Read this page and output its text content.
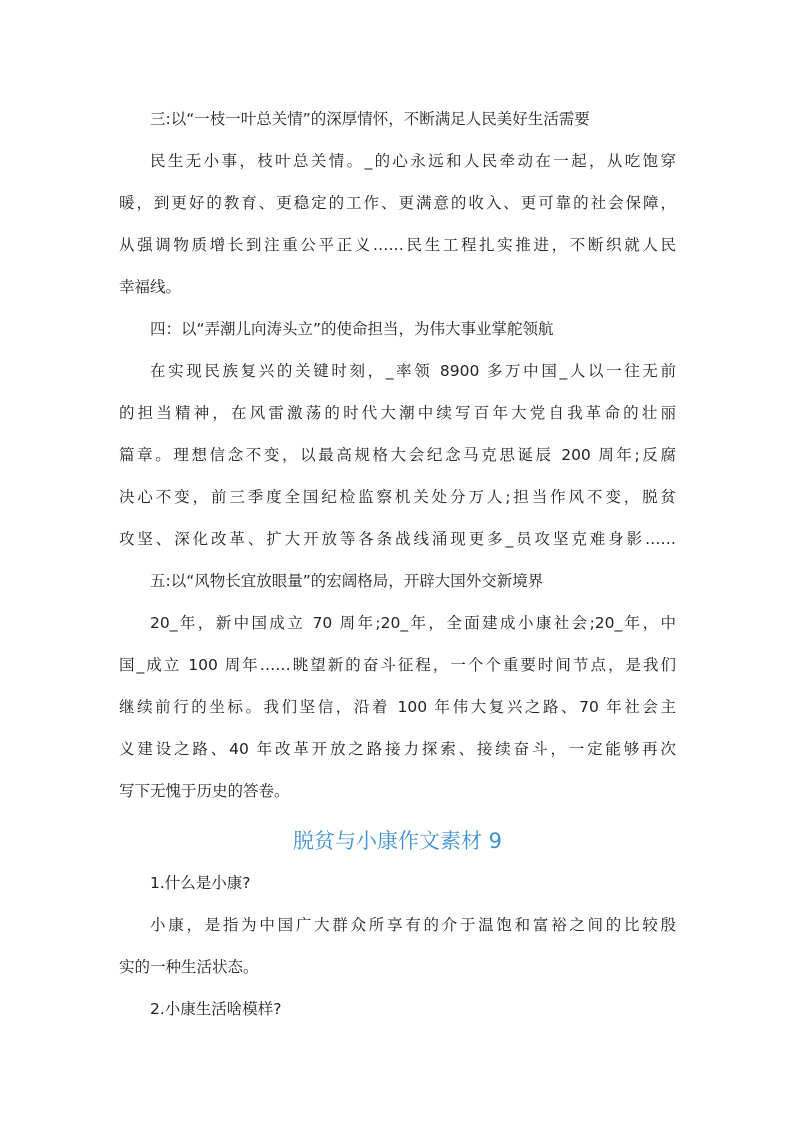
三:以“一枝一叶总关情”的深厚情怀，不断满足人民美好生活需要
民生无小事，枝叶总关情。_的心永远和人民牵动在一起，从吃饱穿
暖，到更好的教育、更稳定的工作、更满意的收入、更可靠的社会保障，
从强调物质增长到注重公平正义……民生工程扎实推进，不断织就人民
幸福线。
四：以“弄潮儿向涛头立”的使命担当，为伟大事业掌舵领航
在实现民族复兴的关键时刻，_率领 8900 多万中国_人以一往无前
的担当精神，在风雷激荡的时代大潮中续写百年大党自我革命的壮丽
篇章。理想信念不变，以最高规格大会纪念马克思诞辰 200 周年;反腐
决心不变，前三季度全国纪检监察机关处分万人;担当作风不变，脱贫
攻坚、深化改革、扩大开放等各条战线涌现更多_员攻坚克难身影……
五:以“风物长宜放眼量”的宏阔格局，开辟大国外交新境界
20_年，新中国成立 70 周年;20_年，全面建成小康社会;20_年，中
国_成立 100 周年……眺望新的奋斗征程，一个个重要时间节点，是我们
继续前行的坐标。我们坚信，沿着 100 年伟大复兴之路、70 年社会主
义建设之路、40 年改革开放之路接力探索、接续奋斗，一定能够再次
写下无愧于历史的答卷。
脱贫与小康作文素材 9
1.什么是小康?
小康，是指为中国广大群众所享有的介于温饱和富裕之间的比较殷
实的一种生活状态。
2.小康生活啥模样?
